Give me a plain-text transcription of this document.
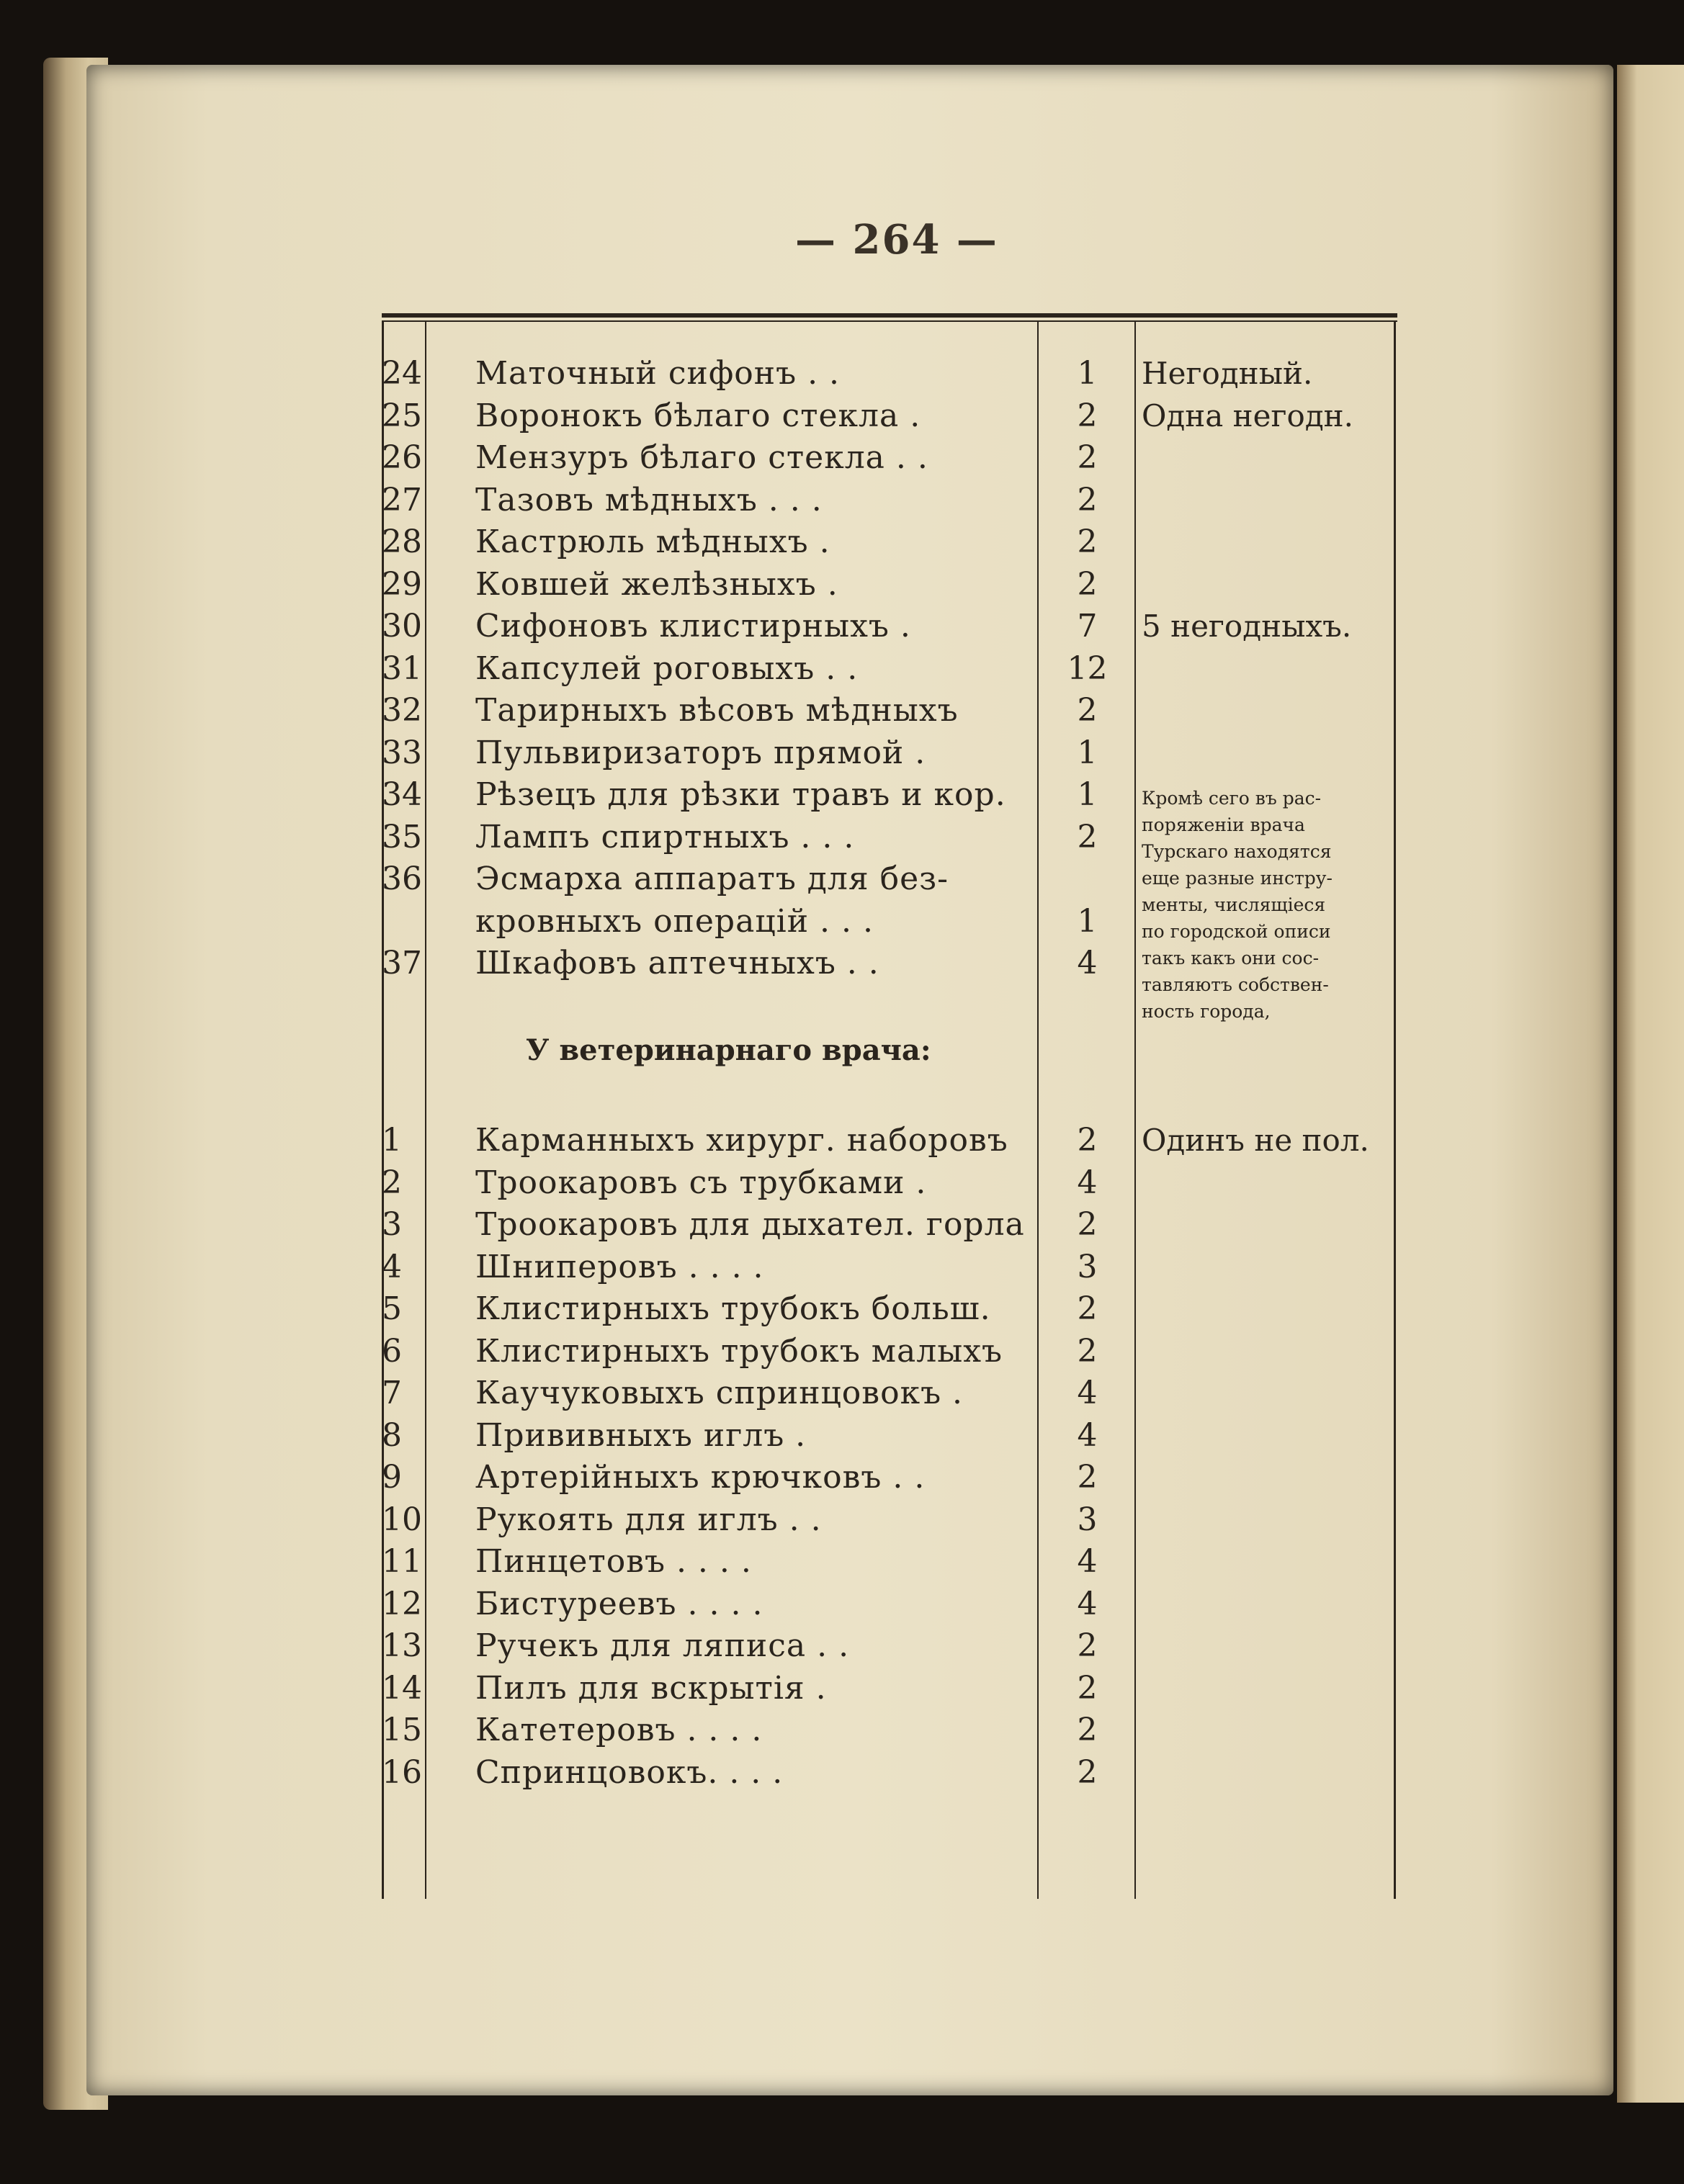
— 264 —
24 Маточный сифонъ . .	1	Негодный.
25 Воронокъ бѣлаго стекла .	2	Одна негодн.
26 Мензуръ бѣлаго стекла . .	2
27 Тазовъ мѣдныхъ . . .	2
28 Кастрюль мѣдныхъ .	2
29 Ковшей желѣзныхъ .	2
30 Сифоновъ клистирныхъ .	7	5 негодныхъ.
31 Капсулей роговыхъ . .	12
32 Тарирныхъ вѣсовъ мѣдныхъ	2
33 Пульвиризаторъ прямой .	1
34 Рѣзецъ для рѣзки травъ и кор.	1
35 Лампъ спиртныхъ . . .	2
36 Эсмарха аппаратъ для без-
кровныхъ операцій . . .	1
37 Шкафовъ аптечныхъ . .	4
Кромѣ сего въ рас-
поряженіи врача
Турскаго находятся
еще разные инстру-
менты, числящіеся
по городской описи
такъ какъ они сос-
тавляютъ собствен-
ность города,
У ветеринарнаго врача:
1	Карманныхъ хирург. наборовъ	2	Одинъ не пол.
2	Троокаровъ съ трубками .	4
3	Троокаровъ для дыхател. горла	2
4	Шниперовъ . . . .	3
5	Клистирныхъ трубокъ больш.	2
6	Клистирныхъ трубокъ малыхъ	2
7	Каучуковыхъ спринцовокъ .	4
8	Прививныхъ иглъ .	4
9	Артерійныхъ крючковъ . .	2
10 Рукоять для иглъ . .	3
11 Пинцетовъ . . . .	4
12 Бистуреевъ . . . .	4
13 Ручекъ для ляписа . .	2
14 Пилъ для вскрытія .	2
15 Катетеровъ . . . .	2
16 Спринцовокъ. . . .	2
